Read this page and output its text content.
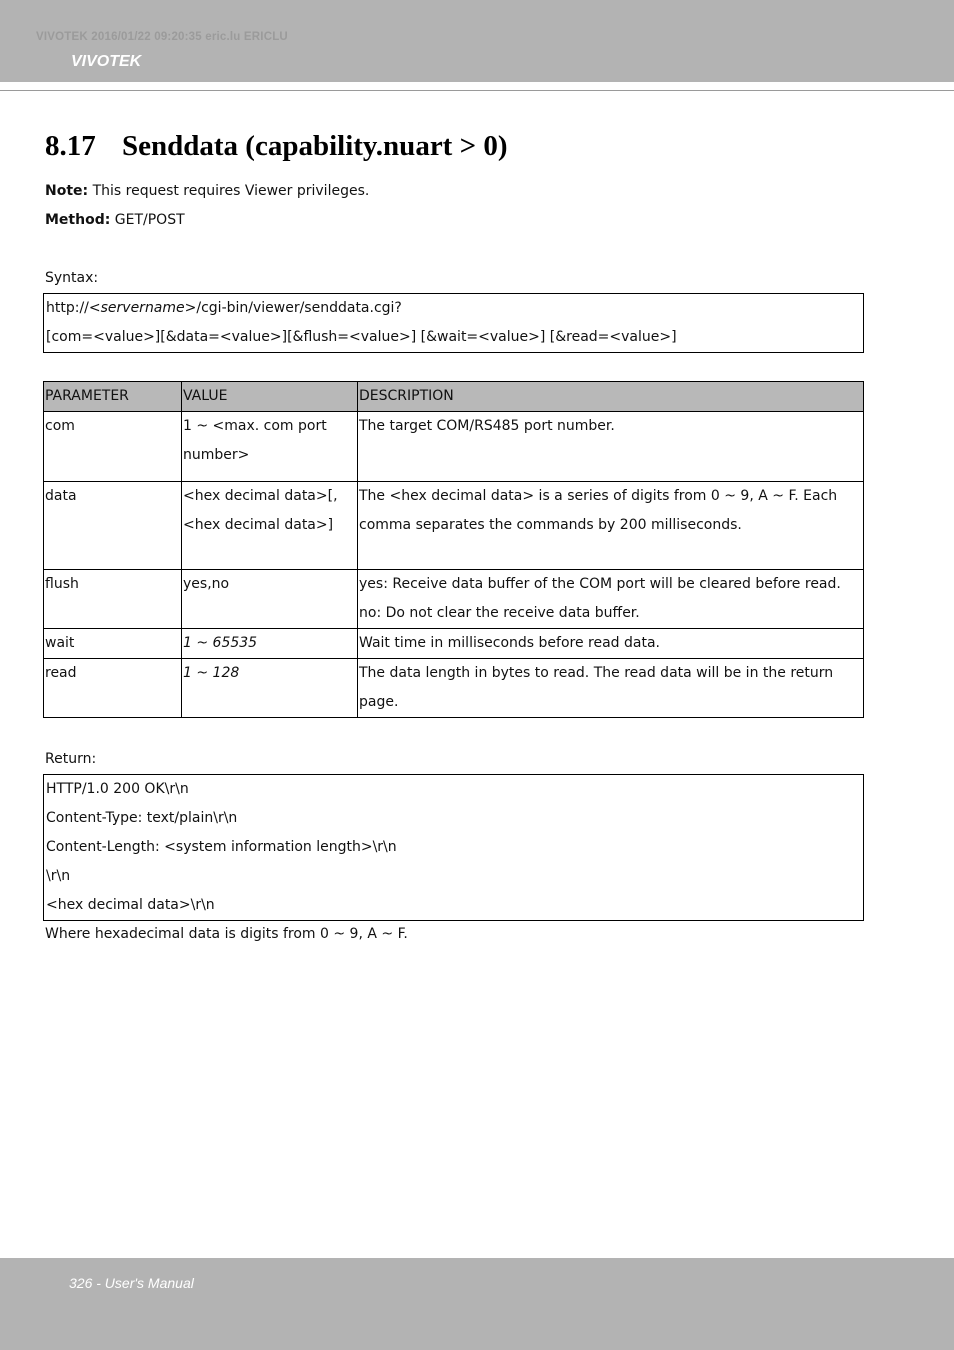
VIVOTEK 2016/01/22 09:20:35 eric.lu ERICLU
VIVOTEK
8.17 Senddata (capability.nuart > 0)
Note: This request requires Viewer privileges.
Method: GET/POST
Syntax:
http://<servername>/cgi-bin/viewer/senddata.cgi?
[com=<value>][&data=<value>][&flush=<value>] [&wait=<value>] [&read=<value>]
PARAMETER	VALUE	DESCRIPTION
com	1 ~ <max. com port number>	The target COM/RS485 port number.
data	<hex decimal data>[,<hex decimal data>]	The <hex decimal data> is a series of digits from 0 ~ 9, A ~ F. Each comma separates the commands by 200 milliseconds.
flush	yes,no	yes: Receive data buffer of the COM port will be cleared before read.
no: Do not clear the receive data buffer.

wait	1 ~ 65535	Wait time in milliseconds before read data.
read	1 ~ 128	The data length in bytes to read. The read data will be in the return page.
Return:
HTTP/1.0 200 OK\r\n
Content-Type: text/plain\r\n
Content-Length: <system information length>\r\n
\r\n
<hex decimal data>\r\n
Where hexadecimal data is digits from 0 ~ 9, A ~ F.
326 - User's Manual
